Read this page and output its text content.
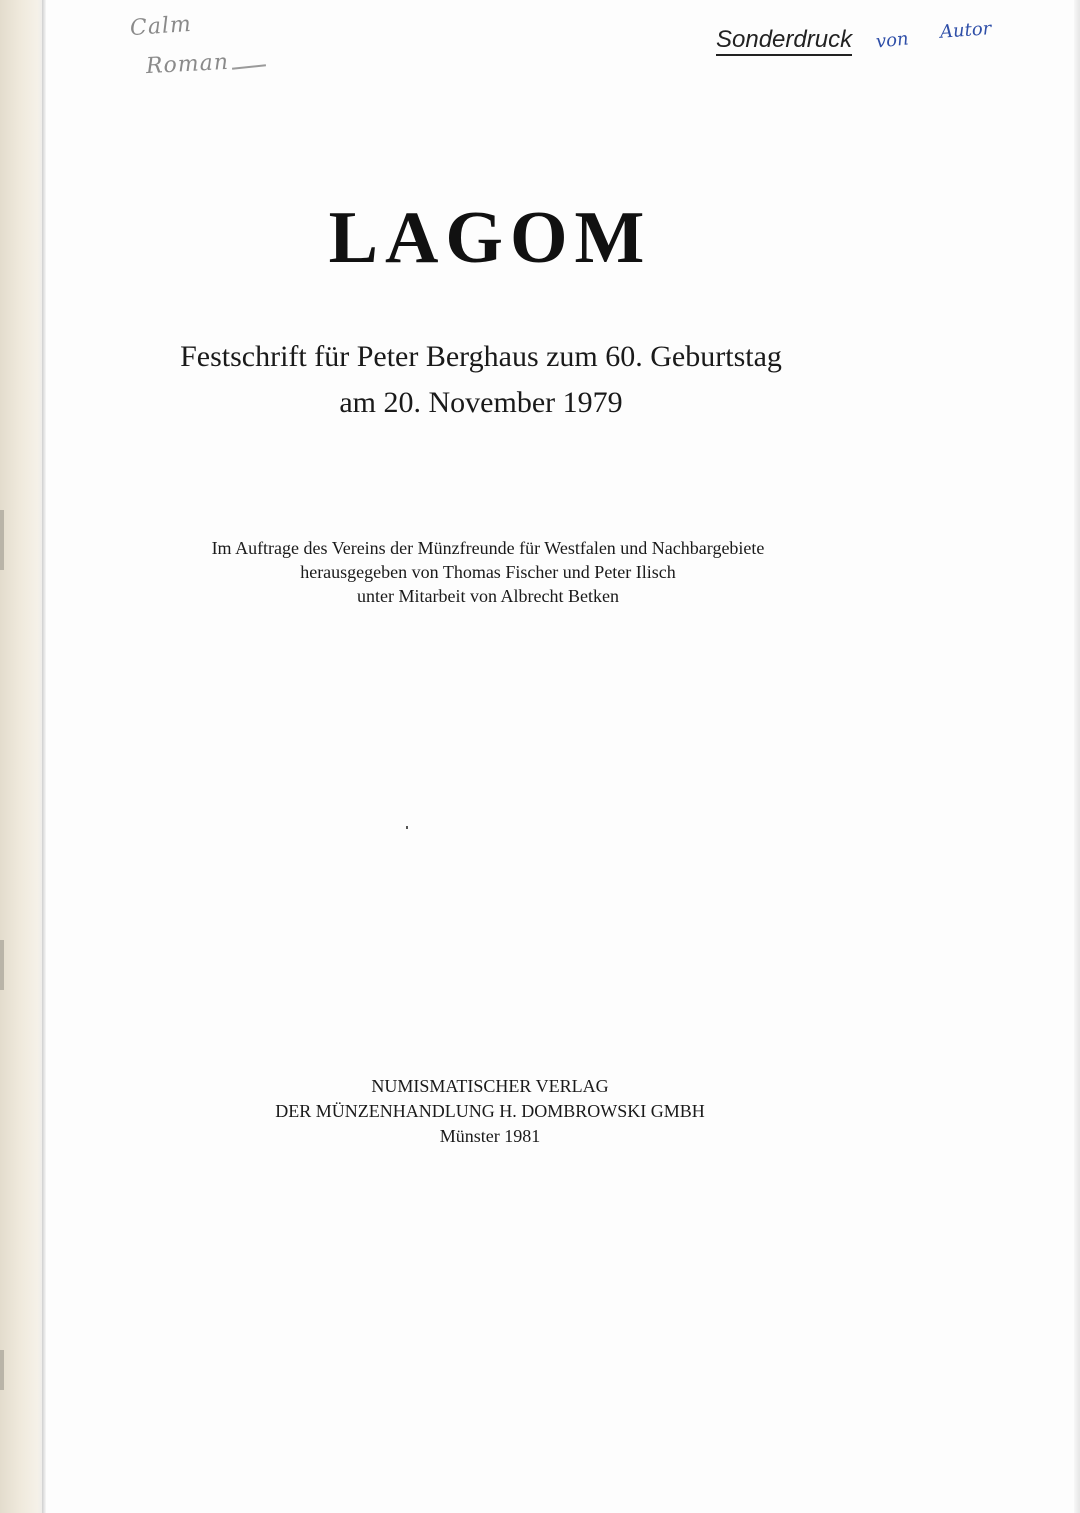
Calm
Roman
Sonderdruck von Autor
LAGOM
Festschrift für Peter Berghaus zum 60. Geburtstag
am 20. November 1979
Im Auftrage des Vereins der Münzfreunde für Westfalen und Nachbargebiete
herausgegeben von Thomas Fischer und Peter Ilisch
unter Mitarbeit von Albrecht Betken
NUMISMATISCHER VERLAG
DER MÜNZENHANDLUNG H. DOMBROWSKI GMBH
Münster 1981
